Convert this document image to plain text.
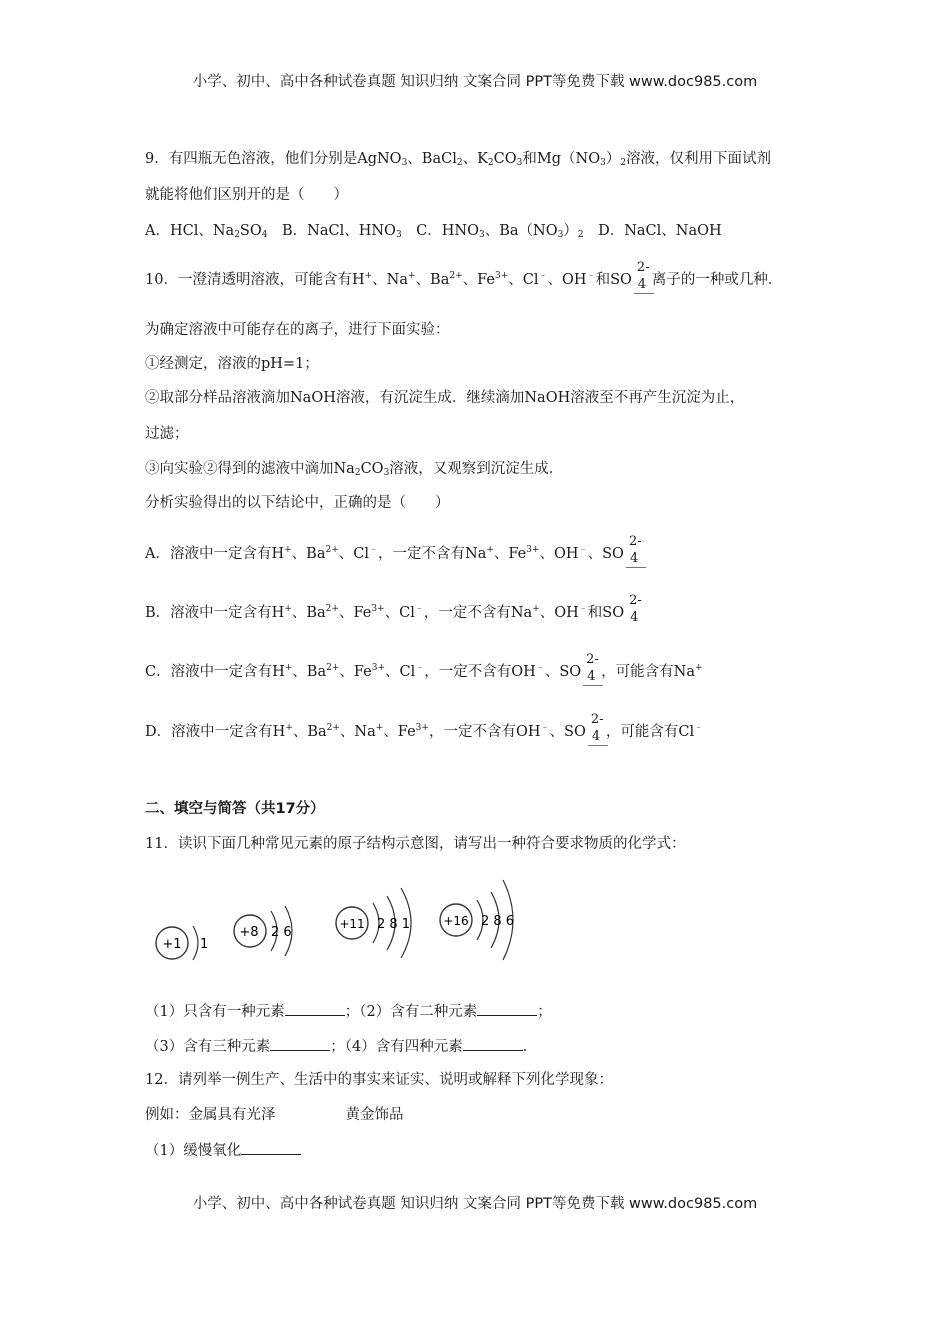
小学、初中、高中各种试卷真题 知识归纳 文案合同 PPT等免费下载 www.doc985.com
9．有四瓶无色溶液，他们分别是AgNO$_3$、BaCl$_2$、$K_2CO_3$和$Mg(NO_3)_2$溶液，仅利用下面试剂
就能将他们区别开的是（　　）
A．HCl、$Na_2SO_4$　B．NaCl、$HNO_3$　C．$HNO_3$、$Ba(NO_3)_2$　D．NaCl、NaOH
10．一澄清透明溶液，可能含有H+、Na+、$Ba^{2+}$、$Fe^{3+}$、Cl﹣、OH﹣和SO
2-
4 离子的一种或几种．
为确定溶液中可能存在的离子，进行下面实验：
①经测定，溶液的pH=1；
②取部分样品溶液滴加NaOH溶液，有沉淀生成．继续滴加NaOH溶液至不再产生沉淀为止，
过滤；
③向实验②得到的滤液中滴加$Na_2CO_3$溶液，又观察到沉淀生成．
分析实验得出的以下结论中，正确的是（　　）
A．溶液中一定含有H+、$Ba^{2+}$、Cl﹣，一定不含有Na+、$Fe^{3+}$、OH﹣、SO
2-
4
B．溶液中一定含有H+、$Ba^{2+}$、$Fe^{3+}$、Cl﹣，一定不含有Na+、OH﹣和SO
2-
4
C．溶液中一定含有H+、$Ba^{2+}$、$Fe^{3+}$、Cl﹣，一定不含有OH﹣、SO
2-
4 ，可能含有Na+
D．溶液中一定含有H+、$Ba^{2+}$、Na+、$Fe^{3+}$，一定不含有OH﹣、SO
2-
4 ，可能含有Cl﹣
二、填空与简答（共17分）
11．读识下面几种常见元素的原子结构示意图，请写出一种符合要求物质的化学式：
+1 1
+8 2 6
+11 2 8 1	+16 2 8 6
（1）只含有一种元素	；（2）含有二种元素	；
（3）含有三种元素	；（4）含有四种元素	．
12．请列举一例生产、生活中的事实来证实、说明或解释下列化学现象：
例如：金属具有光泽	黄金饰品
（1）缓慢氧化
小学、初中、高中各种试卷真题 知识归纳 文案合同 PPT等免费下载 www.doc985.com
